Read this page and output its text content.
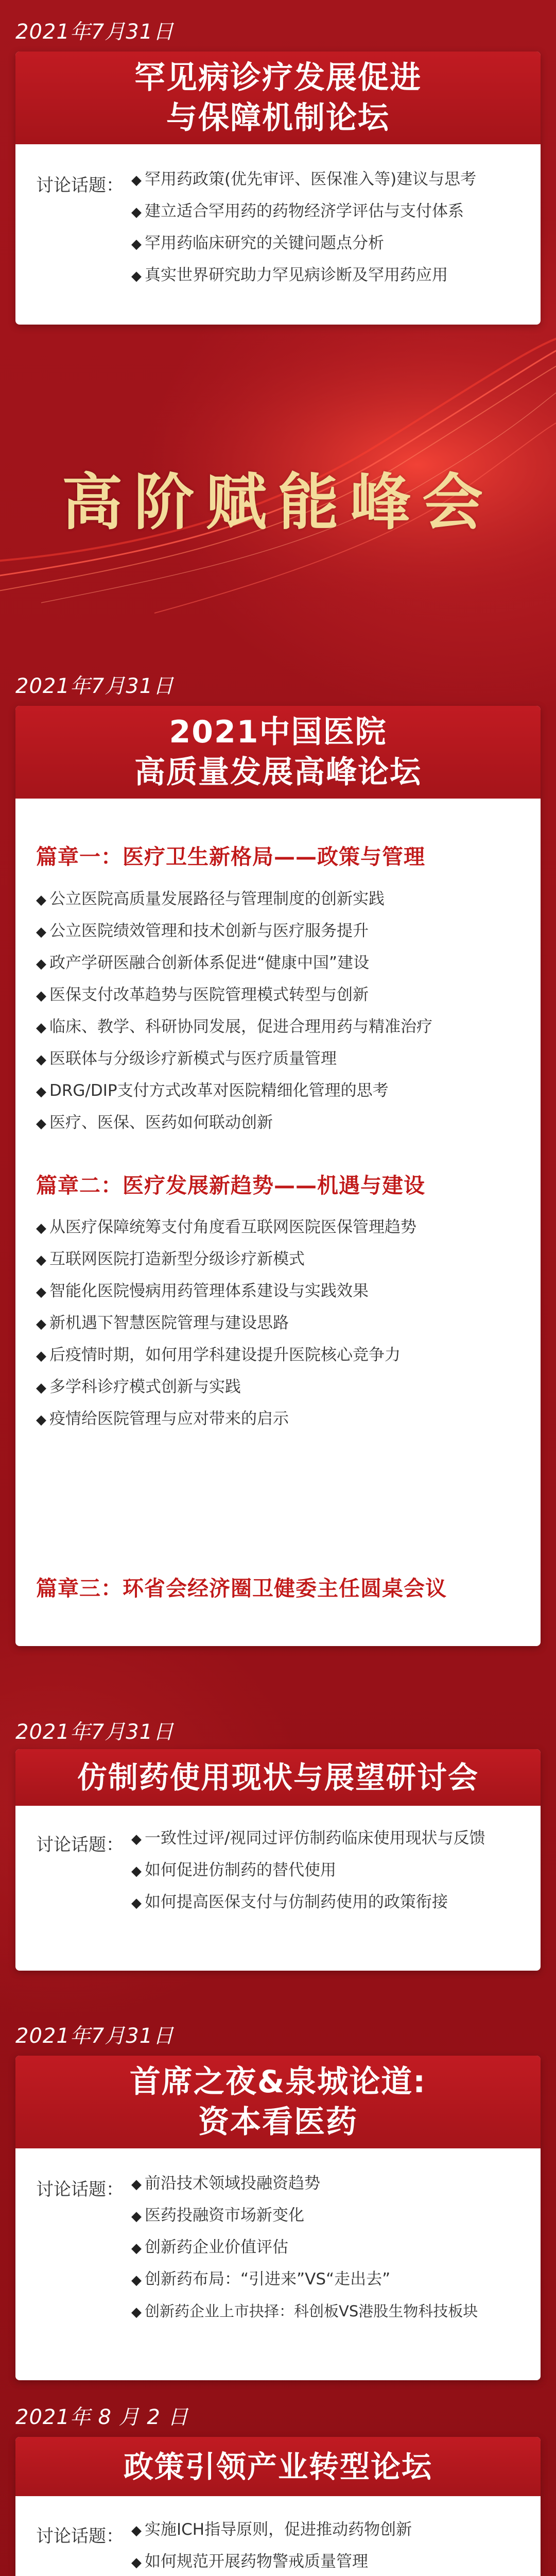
2021年7月31日
罕见病诊疗发展促进
与保障机制论坛
讨论话题： ◆ 罕用药政策(优先审评、医保准入等)建议与思考
◆ 建立适合罕用药的药物经济学评估与支付体系
◆ 罕用药临床研究的关键问题点分析
◆ 真实世界研究助力罕见病诊断及罕用药应用
高阶赋能峰会
2021年7月31日
2021中国医院
高质量发展高峰论坛
篇章一：医疗卫生新格局——政策与管理
◆ 公立医院高质量发展路径与管理制度的创新实践
◆ 公立医院绩效管理和技术创新与医疗服务提升
◆ 政产学研医融合创新体系促进“健康中国”建设
◆ 医保支付改革趋势与医院管理模式转型与创新
◆ 临床、教学、科研协同发展，促进合理用药与精准治疗
◆ 医联体与分级诊疗新模式与医疗质量管理
◆ DRG/DIP支付方式改革对医院精细化管理的思考
◆ 医疗、医保、医药如何联动创新
篇章二：医疗发展新趋势——机遇与建设
◆ 从医疗保障统筹支付角度看互联网医院医保管理趋势
◆ 互联网医院打造新型分级诊疗新模式
◆ 智能化医院慢病用药管理体系建设与实践效果
◆ 新机遇下智慧医院管理与建设思路
◆ 后疫情时期，如何用学科建设提升医院核心竞争力
◆ 多学科诊疗模式创新与实践
◆ 疫情给医院管理与应对带来的启示
篇章三：环省会经济圈卫健委主任圆桌会议
2021年7月31日
仿制药使用现状与展望研讨会
讨论话题： ◆ 一致性过评/视同过评仿制药临床使用现状与反馈
◆ 如何促进仿制药的替代使用
◆ 如何提高医保支付与仿制药使用的政策衔接
2021年7月31日
首席之夜&泉城论道:
资本看医药
讨论话题： ◆ 前沿技术领域投融资趋势
◆ 医药投融资市场新变化
◆ 创新药企业价值评估
◆ 创新药布局：“引进来”VS“走出去”
◆ 创新药企业上市抉择：科创板VS港股生物科技板块
2021年 8 月 2 日
政策引领产业转型论坛
讨论话题： ◆ 实施ICH指导原则，促进推动药物创新
◆ 如何规范开展药物警戒质量管理
